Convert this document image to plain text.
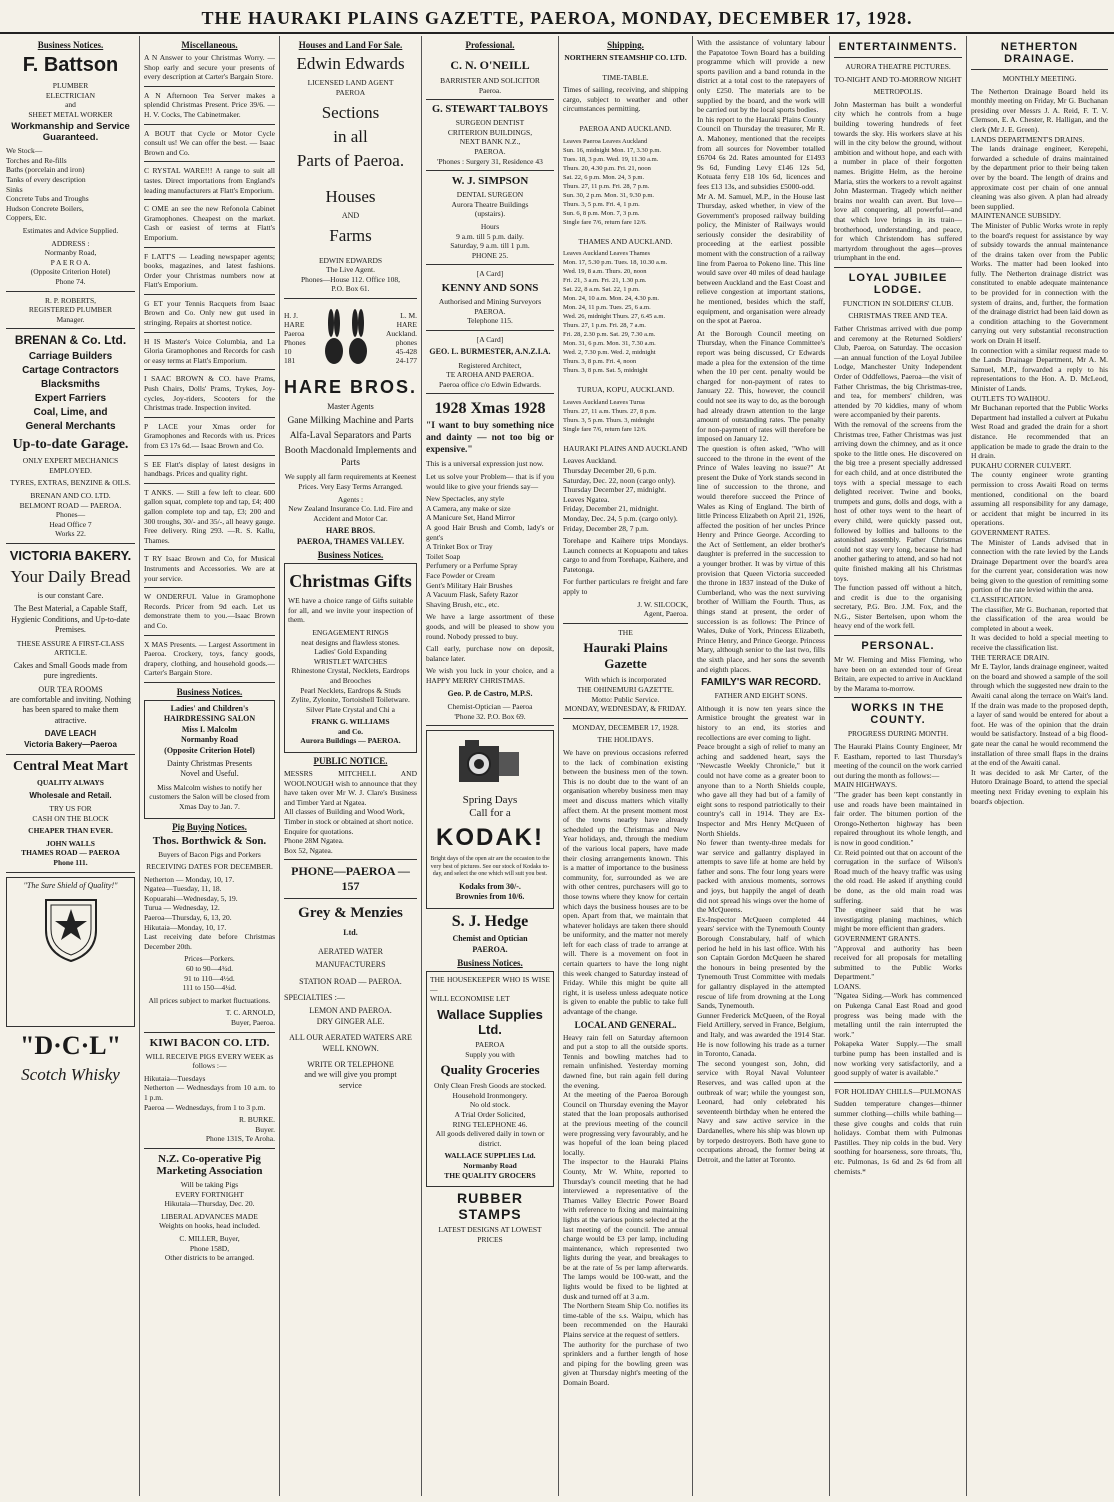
THE HAURAKI PLAINS GAZETTE, PAEROA, MONDAY, DECEMBER 17, 1928.
Business Notices.
F. Battson
PLUMBER
ELECTRICIAN
and
SHEET METAL WORKER
Workmanship and Service Guaranteed.
We Stock—
Torches and Re-fills
Baths (porcelain and iron)
Tanks of every description
Sinks
Concrete Tubs and Troughs
Hudson Concrete Boilers,
Coppers, Etc.
Estimates and Advice Supplied.
ADDRESS :
Normanby Road,
P A E R O A.
(Opposite Criterion Hotel)
Phone 74.
R. P. ROBERTS,
REGISTERED PLUMBER
Manager.
BRENAN & Co. Ltd.
Carriage Builders
Cartage Contractors
Blacksmiths
Expert Farriers
Coal, Lime, and
General Merchants
Up-to-date Garage.
ONLY EXPERT MECHANICS EMPLOYED.
TYRES, EXTRAS, BENZINE & OILS.
BRENAN AND CO. LTD.
BELMONT ROAD — PAEROA.
Phones—
Head Office 7
Works 22.
VICTORIA BAKERY.
Your Daily Bread
is our constant Care.
The Best Material, a Capable Staff, Hygienic Conditions, and Up-to-date Premises.
THESE ASSURE A FIRST-CLASS ARTICLE.
Cakes and Small Goods made from pure ingredients.
OUR TEA ROOMS
are comfortable and inviting. Nothing has been spared to make them attractive.
DAVE LEACH
Victoria Bakery—Paeroa
Central Meat Mart
QUALITY ALWAYS
Wholesale and Retail.
TRY US FOR
CASH ON THE BLOCK
CHEAPER THAN EVER.
JOHN WALLS
THAMES ROAD — PAEROA
Phone 111.
"The Sure Shield of Quality!"
"D·C·L"
Scotch Whisky
Miscellaneous.
A N Answer to your Christmas Worry. — Shop early and secure your presents of every description at Carter's Bargain Store.
A N Afternoon Tea Server makes a splendid Christmas Present. Price 39/6. — H. V. Cocks, The Cabinetmaker.
A BOUT that Cycle or Motor Cycle consult us! We can offer the best. — Isaac Brown and Co.
C RYSTAL WARE!!! A range to suit all tastes. Direct importations from England's leading manufacturers at Flatt's Emporium.
C OME an see the new Refonola Cabinet Gramophones. Cheapest on the market. Cash or easiest of terms at Flatt's Emporium.
F LATT'S — Leading newspaper agents; books, magazines, and latest fashions. Order your Christmas numbers now at Flatt's Emporium.
G ET your Tennis Racquets from Isaac Brown and Co. Only new gut used in stringing. Repairs at shortest notice.
H IS Master's Voice Columbia, and La Gloria Gramophones and Records for cash or easy terms at Flatt's Emporium.
I SAAC BROWN & CO. have Prams, Push Chairs, Dolls' Prams, Trykes, Joy-cycles, Joy-riders, Scooters for the Christmas trade. Inspection invited.
P LACE your Xmas order for Gramophones and Records with us. Prices from £3 17s 6d.— Isaac Brown and Co.
S EE Flatt's display of latest designs in handbags. Prices and quality right.
T ANKS. — Still a few left to clear. 600 gallon squat, complete top and tap, £4; 400 gallon complete top and tap, £3; 200 and 300 troughs, 30/- and 35/-, all heavy gauge. Free delivery. Ring 293. —R. S. Kallu, Thames.
T RY Isaac Brown and Co, for Musical Instruments and Accessories. We are at your service.
W ONDERFUL Value in Gramophone Records. Pricer from 9d each. Let us demonstrate them to you.—Isaac Brown and Co.
X MAS Presents. — Largest Assortment in Paeroa. Crockery, toys, fancy goods, drapery, clothing, and household goods.— Carter's Bargain Store.
Business Notices.
Ladies' and Children's
HAIRDRESSING SALON
Miss I. Malcolm
Normanby Road
(Opposite Criterion Hotel)
Dainty Christmas Presents
Novel and Useful.
Miss Malcolm wishes to notify her customers the Salon will be closed from Xmas Day to Jan. 7.
Pig Buying Notices.
Thos. Borthwick & Son.
Buyers of Bacon Pigs and Porkers
RECEIVING DATES FOR DECEMBER.
Netherton — Monday, 10, 17.
Ngatea—Tuesday, 11, 18.
Kopuarahi—Wednesday, 5, 19.
Turua — Wednesday, 12.
Paeroa—Thursday, 6, 13, 20.
Hikutaia—Monday, 10, 17.
Last receiving date before Christmas December 20th.
Prices—Porkers.
60 to 90—4¾d.
91 to 110—4½d.
111 to 150—4¼d.
All prices subject to market fluctuations.
T. C. ARNOLD,
Buyer, Paeroa.
KIWI BACON CO. LTD.
WILL RECEIVE PIGS EVERY WEEK as follows :—
Hikutaia—Tuesdays
Netherton — Wednesdays from 10 a.m. to 1 p.m.
Paeroa — Wednesdays, from 1 to 3 p.m.
R. BURKE.
Buyer.
Phone 131S, Te Aroha.
N.Z. Co-operative Pig Marketing Association
Will be taking Pigs
EVERY FORTNIGHT
Hikutaia—Thursday, Dec. 20.
LIBERAL ADVANCES MADE
Weights on hooks, head included.
C. MILLER, Buyer,
Phone 158D,
Other districts to be arranged.
Houses and Land For Sale.
Edwin Edwards
LICENSED LAND AGENT
PAEROA
Sections
in all
Parts of Paeroa.
Houses
AND
Farms
EDWIN EDWARDS
The Live Agent.
Phones—House 112. Office 108,
P.O. Box 61.
H. J.
HARE
Paeroa
Phones
10
181
L. M.
HARE
Auckland.
phones
45-428
24-177
HARE BROS.
Master Agents
Gane Milking Machine and Parts
Alfa-Laval Separators and Parts
Booth Macdonald Implements and Parts
We supply all farm requirements at Keenest Prices. Very Easy Terms Arranged.
Agents :
New Zealand Insurance Co. Ltd. Fire and Accident and Motor Car.
HARE BROS.
PAEROA, THAMES VALLEY.
Business Notices.
Christmas Gifts
WE have a choice range of Gifts suitable for all, and we invite your inspection of them.
ENGAGEMENT RINGS
neat designs and flawless stones.
Ladies' Gold Expanding
WRISTLET WATCHES
Rhinestone Crystal, Necklets, Eardrops and Brooches
Pearl Necklets, Eardrops & Studs
Zylite, Zylonite, Tortoishell Toiletware.
Silver Plate Crystal and Chi a
FRANK G. WILLIAMS
and Co.
Aurora Buildings — PAEROA.
PUBLIC NOTICE.
MESSRS MITCHELL AND WOOLNOUGH wish to announce that they have taken over Mr W. J. Clare's Business and Timber Yard at Ngatea.
All classes of Building and Wood Work,
Timber in stock or obtained at short notice.
Enquire for quotations.
Phone 28M Ngatea.
Box 52, Ngatea.
PHONE—PAEROA —157
Grey & Menzies
Ltd.
AERATED WATER
MANUFACTURERS
STATION ROAD — PAEROA.
SPECIALTIES :—
LEMON AND PAEROA.
DRY GINGER ALE.
ALL OUR AERATED WATERS ARE WELL KNOWN.
WRITE OR TELEPHONE
and we will give you prompt
service
Professional.
C. N. O'NEILL
BARRISTER AND SOLICITOR
Paeroa.
G. STEWART TALBOYS
SURGEON DENTIST
CRITERION BUILDINGS,
NEXT BANK N.Z.,
PAEROA.
'Phones : Surgery 31, Residence 43
W. J. SIMPSON
DENTAL SURGEON
Aurora Theatre Buildings
(upstairs).
Hours
9 a.m. till 5 p.m. daily.
Saturday, 9 a.m. till 1 p.m.
PHONE 25.
[A Card]
KENNY AND SONS
Authorised and Mining Surveyors
PAEROA.
Telephone 115.
[A Card]
GEO. L. BURMESTER, A.N.Z.I.A.
Registered Architect,
TE AROHA AND PAEROA.
Paeroa office c/o Edwin Edwards.
1928 Xmas 1928
"I want to buy something nice and dainty — not too big or expensive."
This is a universal expression just now.
Let us solve your Problem— that is if you would like to give your friends say—
New Spectacles, any style
A Camera, any make or size
A Manicure Set, Hand Mirror
A good Hair Brush and Comb, lady's or gent's
A Trinket Box or Tray
Toilet Soap
Perfumery or a Perfume Spray
Face Powder or Cream
Gent's Military Hair Brushes
A Vacuum Flask, Safety Razor
Shaving Brush, etc., etc.
We have a large assortment of these goods, and will be pleased to show you round. Nobody pressed to buy.
Call early, purchase now on deposit, balance later.
We wish you luck in your choice, and a HAPPY MERRY CHRISTMAS.
Geo. P. de Castro, M.P.S.
Chemist-Optician — Paeroa
'Phone 32. P.O. Box 69.
Spring Days
Call for a
KODAK!
Bright days of the open air are the occasion to the very best of pictures. See our stock of Kodaks to-day, and select the one which will suit you best.
Kodaks from 30/-.
Brownies from 10/6.
S. J. Hedge
Chemist and Optician
PAEROA.
Business Notices.
THE HOUSEKEEPER WHO IS WISE—
WILL ECONOMISE LET
Wallace Supplies Ltd.
PAEROA
Supply you with
Quality Groceries
Only Clean Fresh Goods are stocked.
Household Ironmongery.
No old stock.
A Trial Order Solicited,
RING TELEPHONE 46.
All goods delivered daily in town or district.
WALLACE SUPPLIES Ltd.
Normanby Road
THE QUALITY GROCERS
RUBBER STAMPS
LATEST DESIGNS AT LOWEST PRICES
Shipping.
NORTHERN STEAMSHIP CO. LTD.
TIME-TABLE.
Times of sailing, receiving, and shipping cargo, subject to weather and other circumstances permitting.
PAEROA AND AUCKLAND.
Leaves Paeroa Leaves Auckland
Sun. 16, midnight Mon. 17, 3.30 p.m.
Tues. 18, 3 p.m. Wed. 19, 11.30 a.m.
Thurs. 20, 4.30 p.m. Fri. 21, noon
Sat. 22, 6 p.m. Mon. 24, 3 p.m.
Thurs. 27, 11 p.m. Fri. 28, 7 p.m.
Sun. 30, 2 p.m. Mon. 31, 9.30 p.m.
Thurs. 3, 5 p.m. Fri. 4, 1 p.m.
Sun. 6, 8 p.m. Mon. 7, 3 p.m.
Single fare 7/6, return fare 12/6.
THAMES AND AUCKLAND.
Leaves Auckland Leaves Thames
Mon. 17, 5.30 p.m. Tues. 18, 10.30 a.m.
Wed. 19, 8 a.m. Thurs. 20, noon
Fri. 21, 3 a.m. Fri. 21, 1.30 p.m.
Sat. 22, 8 a.m. Sat. 22, 1 p.m.
Mon. 24, 10 a.m. Mon. 24, 4.30 p.m.
Mon. 24, 11 p.m. Tues. 25, 6 a.m.
Wed. 26, midnight Thurs. 27, 6.45 a.m.
Thurs. 27, 1 p.m. Fri. 28, 7 a.m.
Fri. 28, 2.30 p.m. Sat. 29, 7.30 a.m.
Mon. 31, 6 p.m. Mon. 31, 7.30 a.m.
Wed. 2, 7.30 p.m. Wed. 2, midnight
Thurs. 3, 8 p.m. Fri. 4, noon
Thurs. 3, 8 p.m. Sat. 5, midnight
TURUA, KOPU, AUCKLAND.
Leaves Auckland Leaves Turua
Thurs. 27, 11 a.m. Thurs. 27, 8 p.m.
Thurs. 3, 5 p.m. Thurs. 3, midnight
Single fare 7/6, return fare 12/6.
HAURAKI PLAINS AND AUCKLAND
Leaves Auckland.
Thursday December 20, 6 p.m.
Saturday, Dec. 22, noon (cargo only).
Thursday December 27, midnight.
Leaves Ngatea.
Friday, December 21, midnight.
Monday, Dec. 24, 5 p.m. (cargo only).
Friday, December 28, 7 p.m.
Torehape and Kaihere trips Mondays. Launch connects at Kopuapotu and takes cargo to and from Torehape, Kaihere, and Patetonga.
For further particulars re freight and fare apply to
J. W. SILCOCK,
Agent, Paeroa.
THE
Hauraki Plains Gazette
With which is incorporated
THE OHINEMURI GAZETTE.
Motto: Public Service.
MONDAY, WEDNESDAY, & FRIDAY.
MONDAY, DECEMBER 17, 1928.
THE HOLIDAYS.
We have on previous occasions referred to the lack of combination existing between the business men of the town. This is no doubt due to the want of an organisation whereby business men may meet and discuss matters which vitally affect them. At the present moment most of the towns nearby have already scheduled up the Christmas and New Year holidays, and, through the medium of the various local papers, have made their closing arrangements known. This is a matter of importance to the business community, for, surrounded as we are with other centres, purchasers will go to those towns where they know for certain which days the business houses are to be open. Apart from that, we maintain that whatever holidays are taken there should be uniformity, and the matter not merely left for each class of trade to arrange at will. There is a movement on foot in certain quarters to have the long night this week changed to Saturday instead of Friday. While this might be quite all right, it is useless unless adequate notice is given to enable the public to take full advantage of the change.
LOCAL AND GENERAL.
Heavy rain fell on Saturday afternoon and put a stop to all the outside sports. Tennis and bowling matches had to remain unfinished. Yesterday morning dawned fine, but rain again fell during the evening.
At the meeting of the Paeroa Borough Council on Thursday evening the Mayor stated that the loan proposals authorised at the previous meeting of the council were progressing very favourably, and he was hopeful of the loan being placed locally.
The inspector to the Hauraki Plains County, Mr W. White, reported to Thursday's council meeting that he had interviewed a representative of the Thames Valley Electric Power Board with reference to fixing and maintaining lights at the various points selected at the last meeting of the council. The annual charge would be £3 per lamp, including maintenance, which represented two lights during the year, and breakages to be at the rate of 5s per lamp afterwards. The lamps would be 100-watt, and the lights would be fixed to be lighted at dusk and turned off at 3 a.m.
The Northern Steam Ship Co. notifies its time-table of the s.s. Waipu, which has been recommended on the Hauraki Plains service at the request of settlers.
The authority for the purchase of two sprinklers and a further length of hose and piping for the bowling green was given at Thursday night's meeting of the Domain Board.
With the assistance of voluntary labour the Papatotoe Town Board has a building programme which will provide a new sports pavilion and a band rotunda in the district at a total cost to the ratepayers of only £250. The materials are to be supplied by the board, and the work will be carried out by the local sports bodies.
In his report to the Hauraki Plains County Council on Thursday the treasurer, Mr R. A. Mahoney, mentioned that the receipts from all sources for November totalled £6704 6s 2d. Rates amounted for £1493 9s 6d, Funding Levy £146 12s 5d, Kotuata ferry £18 10s 6d, licences and fees £13 13s, and subsidies £5000-odd.
Mr A. M. Samuel, M.P., in the House last Thursday, asked whether, in view of the Government's proposed railway building policy, the Minister of Railways would seriously consider the desirability of proceeding at the earliest possible moment with the construction of a railway line from Paeroa to Pokeno line. This line would save over 40 miles of dead haulage between Auckland and the East Coast and relieve congestion at important stations, he mentioned, besides which the staff, equipment, and organisation were already on the spot at Paeroa.
At the Borough Council meeting on Thursday, when the Finance Committee's report was being discussed, Cr Edwards made a plea for the extension of the time when the 10 per cent. penalty would be charged for non-payment of rates to January 22. This, however, the council could not see its way to do, as the borough had already drawn attention to the large amount of outstanding rates. The penalty for non-payment of rates will therefore be imposed on January 12.
The question is often asked, "Who will succeed to the throne in the event of the Prince of Wales leaving no issue?" At present the Duke of York stands second in line of succession to the throne, and would therefore succeed the Prince of Wales as King of England. The birth of little Princess Elizabeth on April 21, 1926, affected the position of her uncles Prince Henry and Prince George. According to the Act of Settlement, an elder brother's daughter is preferred in the succession to a younger brother. It was by virtue of this provision that Queen Victoria succeeded the throne in 1837 instead of the Duke of Cumberland, who was the next surviving brother of William the Fourth. Thus, as things stand at present, the order of succession is as follows: The Prince of Wales, Duke of York, Princess Elizabeth, Prince Henry, and Prince George. Princess Mary, although senior to the last two, fills the sixth place, and her sons the seventh and eighth places.
FAMILY'S WAR RECORD.
FATHER AND EIGHT SONS.
Although it is now ten years since the Armistice brought the greatest war in history to an end, its stories and recollections are ever coming to light.
Peace brought a sigh of relief to many an aching and saddened heart, says the "Newcastle Weekly Chronicle," but it could not have come as a greater boon to anyone than to a North Shields couple, who gave all they had but of a family of eight sons to respond patriotically to their country's call in 1914. They are Ex-Inspector and Mrs Henry McQueen of North Shields.
No fewer than twenty-three medals for war service and gallantry displayed in attempts to save life at home are held by father and sons. The four long years were packed with anxious moments, sorrows and joys, but happily the angel of death did not spread his wings over the home of the McQueens.
Ex-Inspector McQueen completed 44 years' service with the Tynemouth County Borough Constabulary, half of which period he held in his last office. With his son Captain Gordon McQueen he shared the honours in being presented by the Tynemouth Trust Committee with medals for gallantry displayed in the attempted rescue of life from drowning at the Long Sands, Tynemouth.
Gunner Frederick McQueen, of the Royal Field Artillery, served in France, Belgium, and Italy, and was awarded the 1914 Star. He is now following his trade as a turner in Toronto, Canada.
The second youngest son, John, did service with Royal Naval Volunteer Reserves, and was called upon at the outbreak of war; while the youngest son, Leonard, had only celebrated his seventeenth birthday when he entered the Navy and saw active service in the Dardanelles, where his ship was blown up by torpedo destroyers. Both have gone to occupations abroad, the former being at Detroit, and the latter at Toronto.
ENTERTAINMENTS.
AURORA THEATRE PICTURES.
TO-NIGHT AND TO-MORROW NIGHT
METROPOLIS.
John Masterman has built a wonderful city which he controls from a huge building towering hundreds of feet towards the sky. His workers slave at his will in the city below the ground, without ambition and without hope, and each with a number in place of their forgotten names. Brigitte Helm, as the heroine Maria, stirs the workers to a revolt against John Masterman. Tragedy which neither brains nor wealth can avert. But love—love all conquering, all powerful—and that which love brings in its train—brotherhood, understanding, and peace, for which Christendom has suffered martyrdom throughout the ages—proves triumphant in the end.
LOYAL JUBILEE LODGE.
FUNCTION IN SOLDIERS' CLUB.
CHRISTMAS TREE AND TEA.
Father Christmas arrived with due pomp and ceremony at the Returned Soldiers' Club, Paeroa, on Saturday. The occasion—an annual function of the Loyal Jubilee Lodge, Manchester Unity Independent Order of Oddfellows, Paeroa—the visit of Father Christmas, the big Christmas-tree, and tea, for members' children, was attended by 70 kiddies, many of whom were accompanied by their parents.
With the removal of the screens from the Christmas tree, Father Christmas was just arriving down the chimney, and as it once spoke to the little ones. He discovered on the big tree a present specially addressed for each child, and at once distributed the toys with a special message to each delighted receiver. Twine and books, trumpets and guns, dolls and dogs, with a host of other toys went to the heart of every child, were quickly passed out, followed by lollies and balloons to the astonished assembly. Father Christmas could not stay very long, because he had another gathering to attend, and so had not quite finished making all his Christmas toys.
The function passed off without a hitch, and credit is due to the organising secretary, P.G. Bro. J.M. Fox, and the N.G., Sister Bertelsen, upon whom the heavy end of the work fell.
PERSONAL.
Mr W. Fleming and Miss Fleming, who have been on an extended tour of Great Britain, are expected to arrive in Auckland by the Marama to-morrow.
WORKS IN THE COUNTY.
PROGRESS DURING MONTH.
The Hauraki Plains County Engineer, Mr F. Eastham, reported to last Thursday's meeting of the council on the work carried out during the month as follows:—
MAIN HIGHWAYS.
"The grader has been kept constantly in use and roads have been maintained in fair order. The bitumen portion of the Orongo-Netherton highway has been repaired throughout its whole length, and is now in good condition."
Cr. Reid pointed out that on account of the corrugation in the surface of Wilson's Road much of the heavy traffic was using the old road. He asked if anything could be done, as the old main road was suffering.
The engineer said that he was investigating planing machines, which might be more efficient than graders.
GOVERNMENT GRANTS.
"Approval and authority has been received for all proposals for metalling submitted to the Public Works Department."
LOANS.
"Ngatea Siding.—Work has commenced on Pukenga Canal East Road and good progress was being made with the metalling until the rain interrupted the work."
Pokapeka Water Supply.—The small turbine pump has been installed and is now working very satisfactorily, and a good supply of water is available."
FOR HOLIDAY CHILLS—PULMONAS
Sudden temperature changes—thinner summer clothing—chills while bathing—these give coughs and colds that ruin holidays. Combat them with Pulmonas Pastilles. They nip colds in the bud. Very soothing for hoarseness, sore throats, 'flu, etc. Pulmonas, 1s 6d and 2s 6d from all chemists.*
NETHERTON DRAINAGE.
MONTHLY MEETING.
The Netherton Drainage Board held its monthly meeting on Friday, Mr G. Buchanan presiding over Messrs J. A. Reid, F. T. V. Clemson, E. A. Chester, R. Halligan, and the clerk (Mr J. E. Green).
LANDS DEPARTMENT'S DRAINS.
The lands drainage engineer, Kerepehi, forwarded a schedule of drains maintained by the department prior to their being taken over by the board. The length of drains and approximate cost per chain of one annual cleaning was also given. A plan had already been supplied.
MAINTENANCE SUBSIDY.
The Minister of Public Works wrote in reply to the board's request for assistance by way of subsidy towards the annual maintenance of the drains taken over from the Public Works. The matter had been looked into fully. The Netherton drainage district was constituted to enable adequate maintenance to be provided for in connection with the system of drains, and, further, the formation of the drainage district had been laid down as a condition attaching to the Government carrying out very substantial reconstruction work on Drain H itself.
In connection with a similar request made to the Lands Drainage Department, Mr A. M. Samuel, M.P., forwarded a reply to his representations to the Hon. A. D. McLeod, Minister of Lands.
OUTLETS TO WAIHOU.
Mr Buchanan reported that the Public Works Department had installed a culvert at Pukahu West Road and graded the drain for a short distance. He recommended that an application be made to grade the drain to the H drain.
PUKAHU CORNER CULVERT.
The county engineer wrote granting permission to cross Awaiti Road on terms mentioned, conditional on the board assuming all responsibility for any damage, or accident that might be incurred in its operations.
GOVERNMENT RATES.
The Minister of Lands advised that in connection with the rate levied by the Lands Drainage Department over the board's area for the current year, consideration was now being given to the question of remitting some portion of the rate levied within the area.
CLASSIFICATION.
The classifier, Mr G. Buchanan, reported that the classification of the area would be completed in about a week.
It was decided to hold a special meeting to receive the classification list.
THE TERRACE DRAIN.
Mr E. Taylor, lands drainage engineer, waited on the board and showed a sample of the soil through which the suggested new drain to the Awaiti canal along the terrace on Wait's land. If the drain was made to the proposed depth, a layer of sand would be entered for about a foot. He was of the opinion that the drain would be satisfactory. Instead of a big flood-gate near the canal he would recommend the installation of three small flaps in the drains at the end of the Awaiti canal.
It was decided to ask Mr Carter, of the Hutoro Drainage Board, to attend the special meeting next Friday evening to explain his board's objection.
